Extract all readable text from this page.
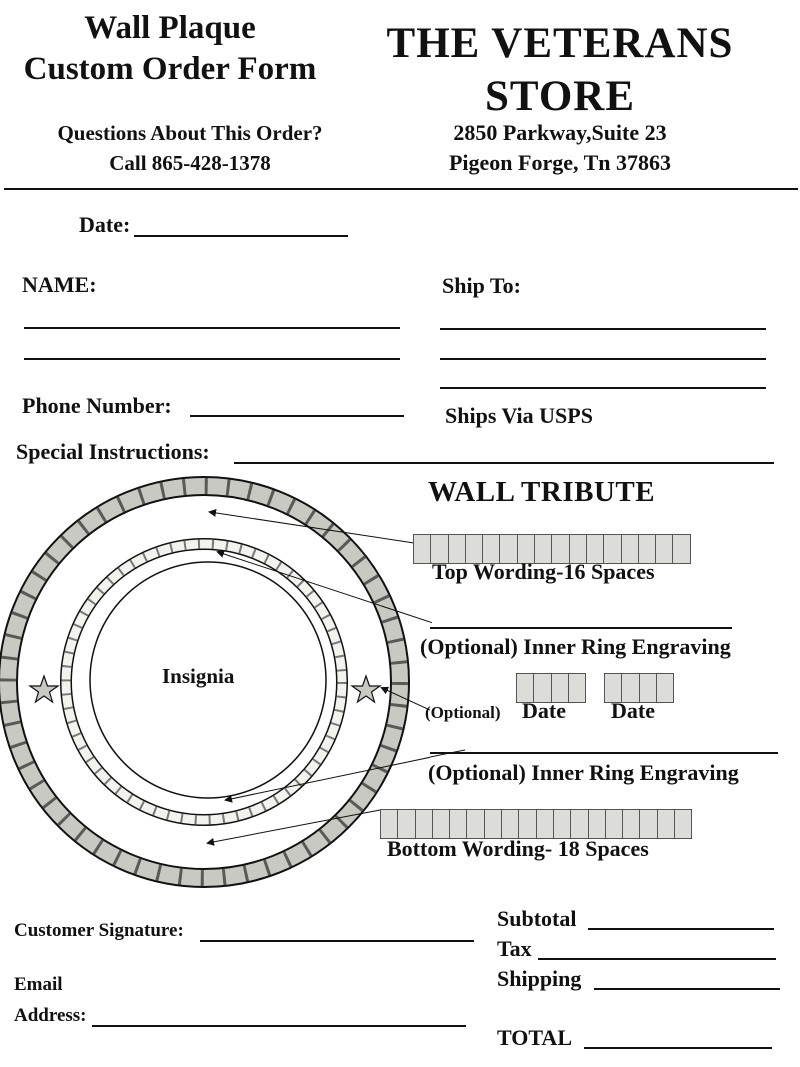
Wall Plaque
Custom Order Form
Questions About This Order?
Call 865-428-1378
THE VETERANS
STORE
2850 Parkway,Suite 23
Pigeon Forge, Tn 37863
Date:
NAME:	Ship To:
Phone Number:	Ships Via USPS
Special Instructions:
Insignia
WALL TRIBUTE
Top Wording-16 Spaces
(Optional) Inner Ring Engraving
(Optional) Date Date
(Optional) Inner Ring Engraving
Bottom Wording- 18 Spaces
Customer Signature:
Email
Address:
Subtotal
Tax
Shipping
TOTAL
